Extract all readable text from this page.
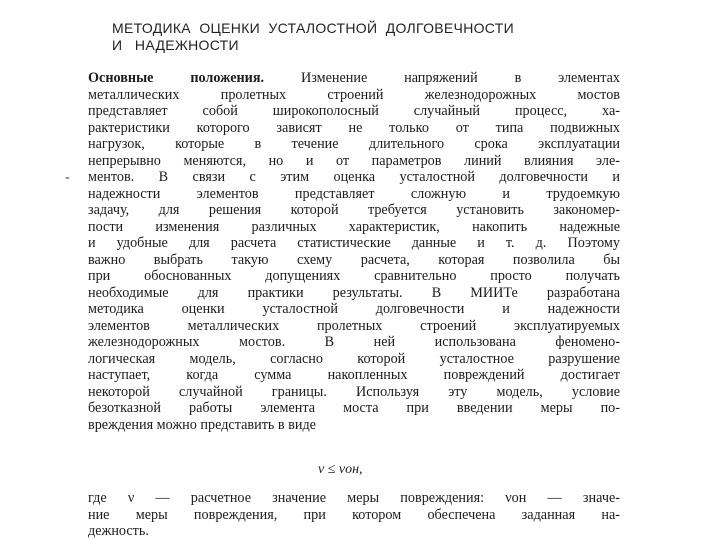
МЕТОДИКА  ОЦЕНКИ  УСТАЛОСТНОЙ  ДОЛГОВЕЧНОСТИ
И   НАДЕЖНОСТИ
-
Основные положения. Изменение напряжений в элементах
металлических пролетных строений железнодорожных мостов
представляет собой широкополосный случайный процесс, ха-
рактеристики которого зависят не только от типа подвижных
нагрузок, которые в течение длительного срока эксплуатации
непрерывно меняются, но и от параметров линий влияния эле-
ментов. В связи с этим оценка усталостной долговечности и
надежности элементов представляет сложную и трудоемкую
задачу, для решения которой требуется установить закономер-
пости изменения различных характеристик, накопить надежные
и удобные для расчета статистические данные и т. д. Поэтому
важно выбрать такую схему расчета, которая позволила бы
при обоснованных допущениях сравнительно просто получать
необходимые для практики результаты. В МИИТе разработана
методика оценки усталостной долговечности и надежности
элементов металлических пролетных строений эксплуатируемых
железнодорожных мостов. В ней использована феномено-
логическая модель, согласно которой усталостное разрушение
наступает, когда сумма накопленных повреждений достигает
некоторой случайной границы. Используя эту модель, условие
безотказной работы элемента моста при введении меры по-
вреждения можно представить в виде
ν ≤ νон,
где ν — расчетное значение меры повреждения: νон — значе-
ние меры повреждения, при котором обеспечена заданная на-
дежность.
